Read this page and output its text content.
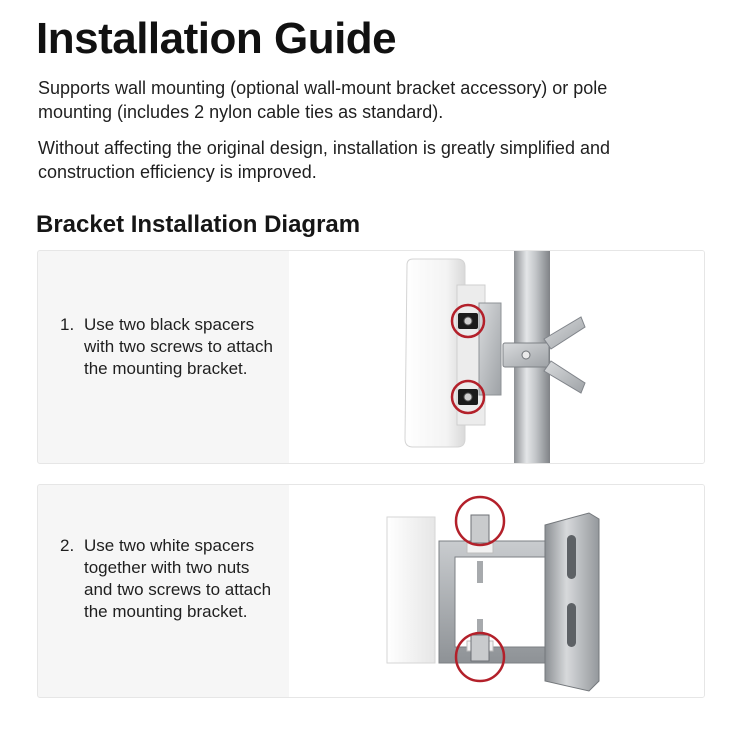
Installation Guide

Supports wall mounting (optional wall-mount bracket accessory) or pole mounting (includes 2 nylon cable ties as standard).

Without affecting the original design, installation is greatly simplified and construction efficiency is improved.

Bracket Installation Diagram
1. Use two black spacers with two screws to attach the mounting bracket.
2. Use two white spacers together with two nuts and two screws to attach the mounting bracket.
